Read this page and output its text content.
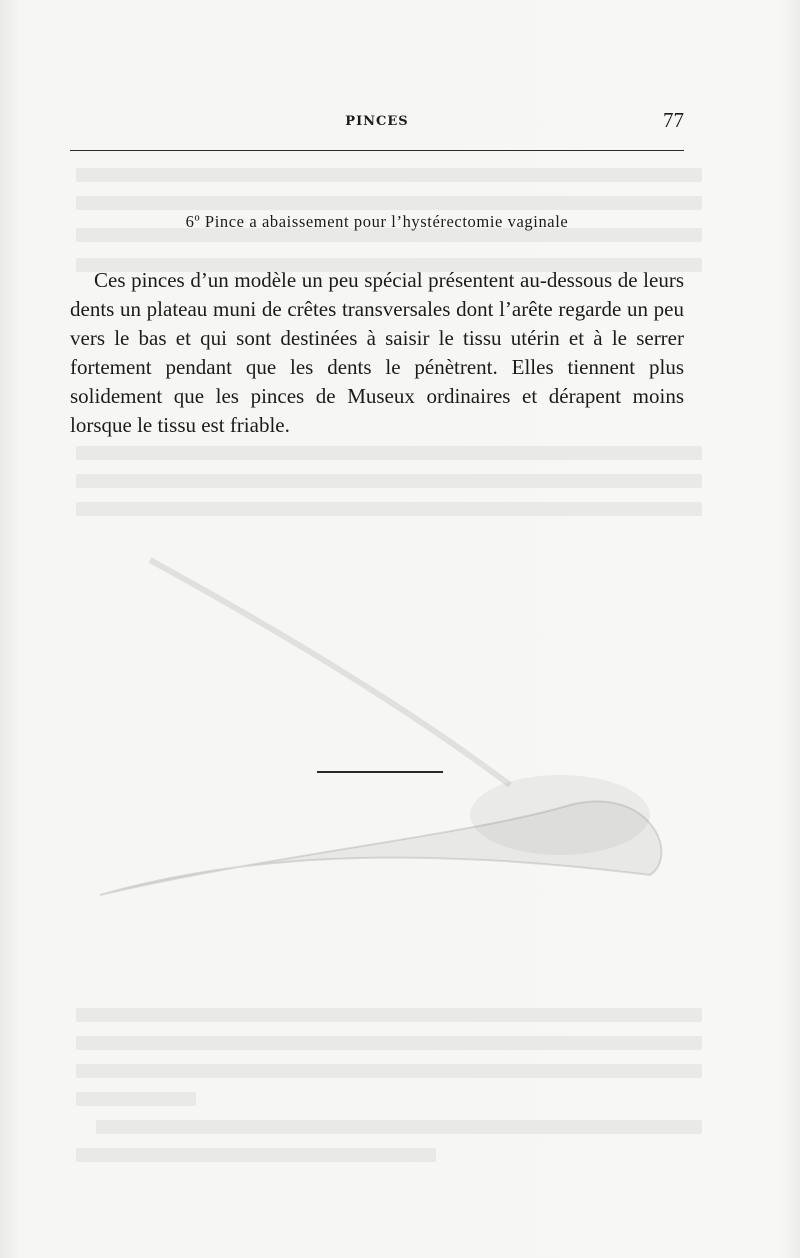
PINCES	77
6º Pince a abaissement pour l’hystérectomie vaginale

Ces pinces d’un modèle un peu spécial présentent au-dessous de leurs dents un plateau muni de crêtes transversales dont l’arête regarde un peu vers le bas et qui sont destinées à saisir le tissu utérin et à le serrer fortement pendant que les dents le pénètrent. Elles tiennent plus solidement que les pinces de Museux ordinaires et dérapent moins lorsque le tissu est friable.
